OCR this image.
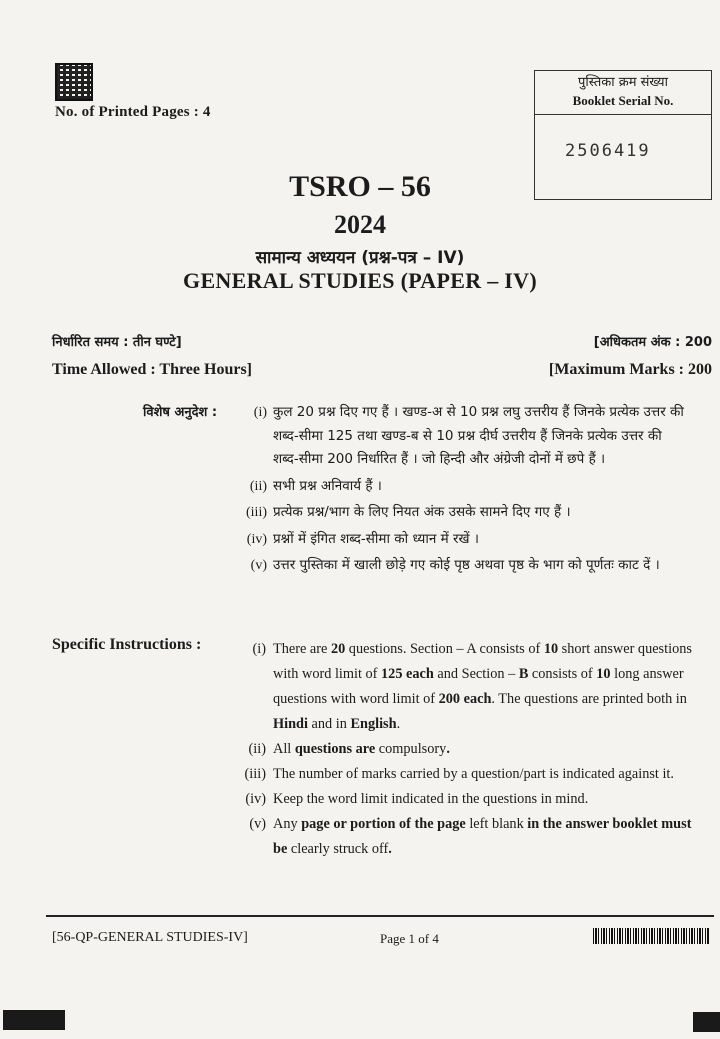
No. of Printed Pages : 4
पुस्तिका क्रम संख्या
Booklet Serial No.
2506419
TSRO – 56
2024
सामान्य अध्ययन (प्रश्न-पत्र – IV)
GENERAL STUDIES (PAPER – IV)
निर्धारित समय : तीन घण्टे]	[अधिकतम अंक : 200
Time Allowed : Three Hours]	[Maximum Marks : 200
विशेष अनुदेश :	(i) कुल 20 प्रश्न दिए गए हैं । खण्ड-अ से 10 प्रश्न लघु उत्तरीय हैं जिनके प्रत्येक उत्तर की शब्द-सीमा 125 तथा खण्ड-ब से 10 प्रश्न दीर्घ उत्तरीय हैं जिनके प्रत्येक उत्तर की शब्द-सीमा 200 निर्धारित हैं । जो हिन्दी और अंग्रेजी दोनों में छपे हैं ।
(ii) सभी प्रश्न अनिवार्य हैं ।
(iii) प्रत्येक प्रश्न/भाग के लिए नियत अंक उसके सामने दिए गए हैं ।
(iv) प्रश्नों में इंगित शब्द-सीमा को ध्यान में रखें ।
(v) उत्तर पुस्तिका में खाली छोड़े गए कोई पृष्ठ अथवा पृष्ठ के भाग को पूर्णतः काट दें ।
Specific Instructions :	(i) There are 20 questions. Section – A consists of 10 short answer questions with word limit of 125 each and Section – B consists of 10 long answer questions with word limit of 200 each. The questions are printed both in Hindi and in English.
(ii) All questions are compulsory.
(iii) The number of marks carried by a question/part is indicated against it.
(iv) Keep the word limit indicated in the questions in mind.
(v) Any page or portion of the page left blank in the answer booklet must be clearly struck off.
[56-QP-GENERAL STUDIES-IV]	Page 1 of 4
